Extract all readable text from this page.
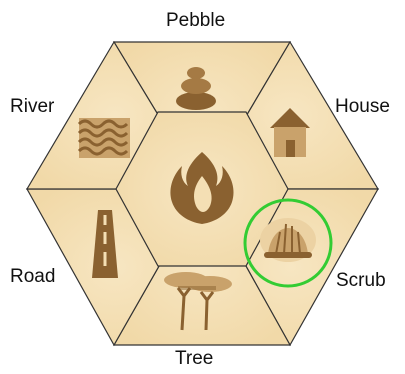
Pebble
House
Scrub
Tree
Road
River
